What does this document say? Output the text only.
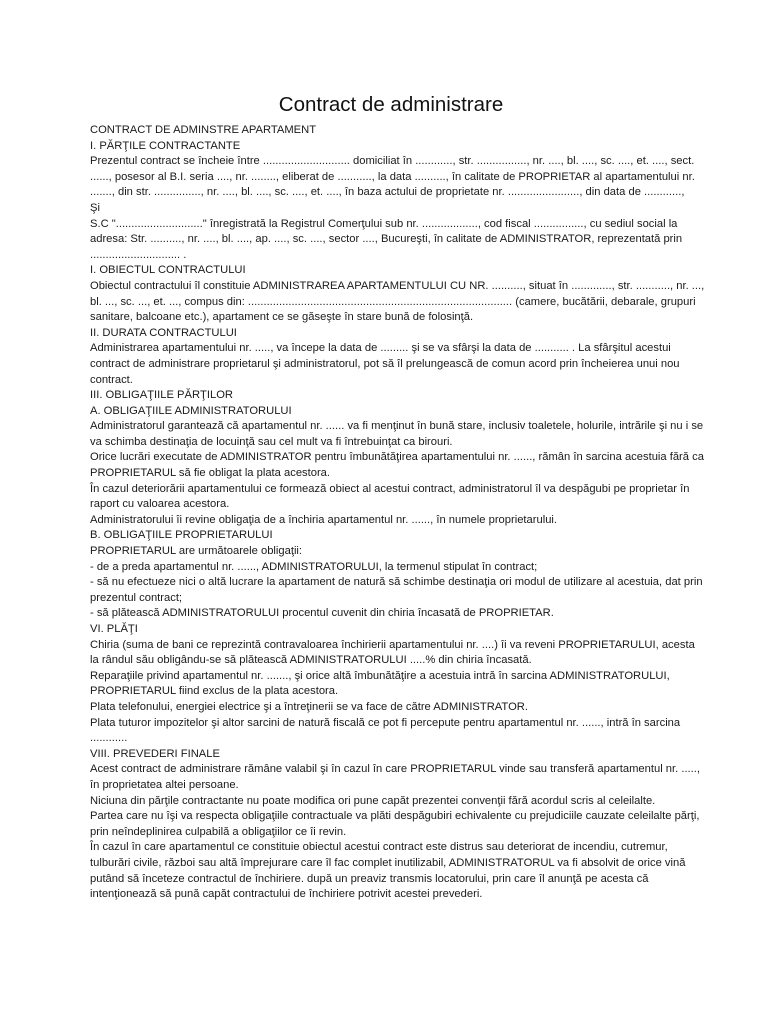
Contract de administrare

CONTRACT DE ADMINSTRE APARTAMENT

I. PĂRŢILE CONTRACTANTE

Prezentul contract se încheie între ............................ domiciliat în ............, str. ................, nr. ...., bl. ...., sc. ...., et. ...., sect. ......, posesor al B.I. seria ...., nr. ........, eliberat de ..........., la data .........., în calitate de PROPRIETAR al apartamentului nr. ......., din str. ..............., nr. ...., bl. ...., sc. ...., et. ...., în baza actului de proprietate nr. ......................., din data de ............,

Şi

S.C "............................" înregistrată la Registrul Comerţului sub nr. .................., cod fiscal ................, cu sediul social la adresa: Str. .........., nr. ...., bl. ...., ap. ...., sc. ...., sector ...., Bucureşti, în calitate de ADMINISTRATOR, reprezentată prin ............................. .

I. OBIECTUL CONTRACTULUI

Obiectul contractului îl constituie ADMINISTRAREA APARTAMENTULUI CU NR. .........., situat în ............., str. ..........., nr. ..., bl. ..., sc. ..., et. ..., compus din: ..................................................................................... (camere, bucătării, debarale, grupuri sanitare, balcoane etc.), apartament ce se găseşte în stare bună de folosinţă.

II. DURATA CONTRACTULUI

Administrarea apartamentului nr. ....., va începe la data de ......... şi se va sfârşi la data de ........... . La sfârşitul acestui contract de administrare proprietarul şi administratorul, pot să îl prelungească de comun acord prin încheierea unui nou contract.

III. OBLIGAŢIILE PĂRŢILOR

A. OBLIGAŢIILE ADMINISTRATORULUI

Administratorul garantează că apartamentul nr. ...... va fi menţinut în bună stare, inclusiv toaletele, holurile, intrările şi nu i se va schimba destinaţia de locuinţă sau cel mult va fi întrebuinţat ca birouri.

Orice lucrări executate de ADMINISTRATOR pentru îmbunătăţirea apartamentului nr. ......, rămân în sarcina acestuia fără ca PROPRIETARUL să fie obligat la plata acestora.

În cazul deteriorării apartamentului ce formează obiect al acestui contract, administratorul îl va despăgubi pe proprietar în raport cu valoarea acestora.

Administratorului îi revine obligaţia de a închiria apartamentul nr. ......, în numele proprietarului.

B. OBLIGAŢIILE PROPRIETARULUI

PROPRIETARUL are următoarele obligaţii:

- de a preda apartamentul nr. ......, ADMINISTRATORULUI, la termenul stipulat în contract;

- să nu efectueze nici o altă lucrare la apartament de natură să schimbe destinaţia ori modul de utilizare al acestuia, dat prin prezentul contract;

- să plătească ADMINISTRATORULUI procentul cuvenit din chiria încasată de PROPRIETAR.

VI. PLĂŢI

Chiria (suma de bani ce reprezintă contravaloarea închirierii apartamentului nr. ....) îi va reveni PROPRIETARULUI, acesta la rândul său obligându-se să plătească ADMINISTRATORULUI .....% din chiria încasată.

Reparaţiile privind apartamentul nr. ......., şi orice altă îmbunătăţire a acestuia intră în sarcina ADMINISTRATORULUI, PROPRIETARUL fiind exclus de la plata acestora.

Plata telefonului, energiei electrice şi a întreţinerii se va face de către ADMINISTRATOR.

Plata tuturor impozitelor şi altor sarcini de natură fiscală ce pot fi percepute pentru apartamentul nr. ......, intră în sarcina ............

VIII. PREVEDERI FINALE

Acest contract de administrare rămâne valabil şi în cazul în care PROPRIETARUL vinde sau transferă apartamentul nr. ....., în proprietatea altei persoane.

Niciuna din părţile contractante nu poate modifica ori pune capăt prezentei convenţii fără acordul scris al celeilalte.

Partea care nu îşi va respecta obligaţiile contractuale va plăti despăgubiri echivalente cu prejudiciile cauzate celeilalte părţi, prin neîndeplinirea culpabilă a obligaţiilor ce îi revin.

În cazul în care apartamentul ce constituie obiectul acestui contract este distrus sau deteriorat de incendiu, cutremur, tulburări civile, război sau altă împrejurare care îl fac complet inutilizabil, ADMINISTRATORUL va fi absolvit de orice vină putând să înceteze contractul de închiriere. după un preaviz transmis locatorului, prin care îl anunţă pe acesta că intenţionează să pună capăt contractului de închiriere potrivit acestei prevederi.
